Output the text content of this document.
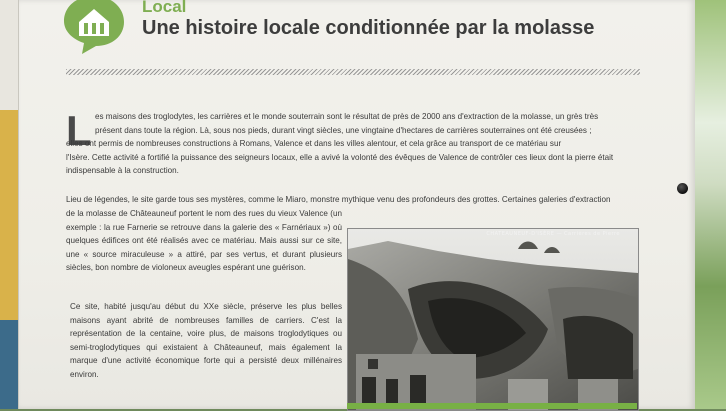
Local
Une histoire locale conditionnée par la molasse
L es maisons des troglodytes, les carrières et le monde souterrain sont le résultat de près de 2000 ans d'extraction de la molasse, un grès très
présent dans toute la région. Là, sous nos pieds, durant vingt siècles, une vingtaine d'hectares de carrières souterraines ont été creusées ;
elles ont permis de nombreuses constructions à Romans, Valence et dans les villes alentour, et cela grâce au transport de ce matériau sur
l'Isère. Cette activité a fortifié la puissance des seigneurs locaux, elle a avivé la volonté des évêques de Valence de contrôler ces lieux dont la pierre était indispensable à la construction.
Lieu de légendes, le site garde tous ses mystères, comme le Miaro, monstre mythique venu des profondeurs des grottes. Certaines galeries d'extraction
de la molasse de Châteauneuf portent le nom des rues du vieux Valence (un exemple : la rue Farnerie se retrouve dans la galerie des « Farnériaux ») où quelques édifices ont été réalisés avec ce matériau. Mais aussi sur ce site, une « source miraculeuse » a attiré, par ses vertus, et durant plusieurs siècles, bon nombre de violoneux aveugles espérant une guérison.
Ce site, habité jusqu'au début du XXe siècle, préserve les plus belles maisons ayant abrité de nombreuses familles de carriers. C'est la représentation de la centaine, voire plus, de maisons troglodytiques ou semi-troglodytiques qui existaient à Châteauneuf, mais également la marque d'une activité économique forte qui a persisté deux millénaires environ.
CHATEAUNEUF-D'ISÈRE — Carrières de Pierre
